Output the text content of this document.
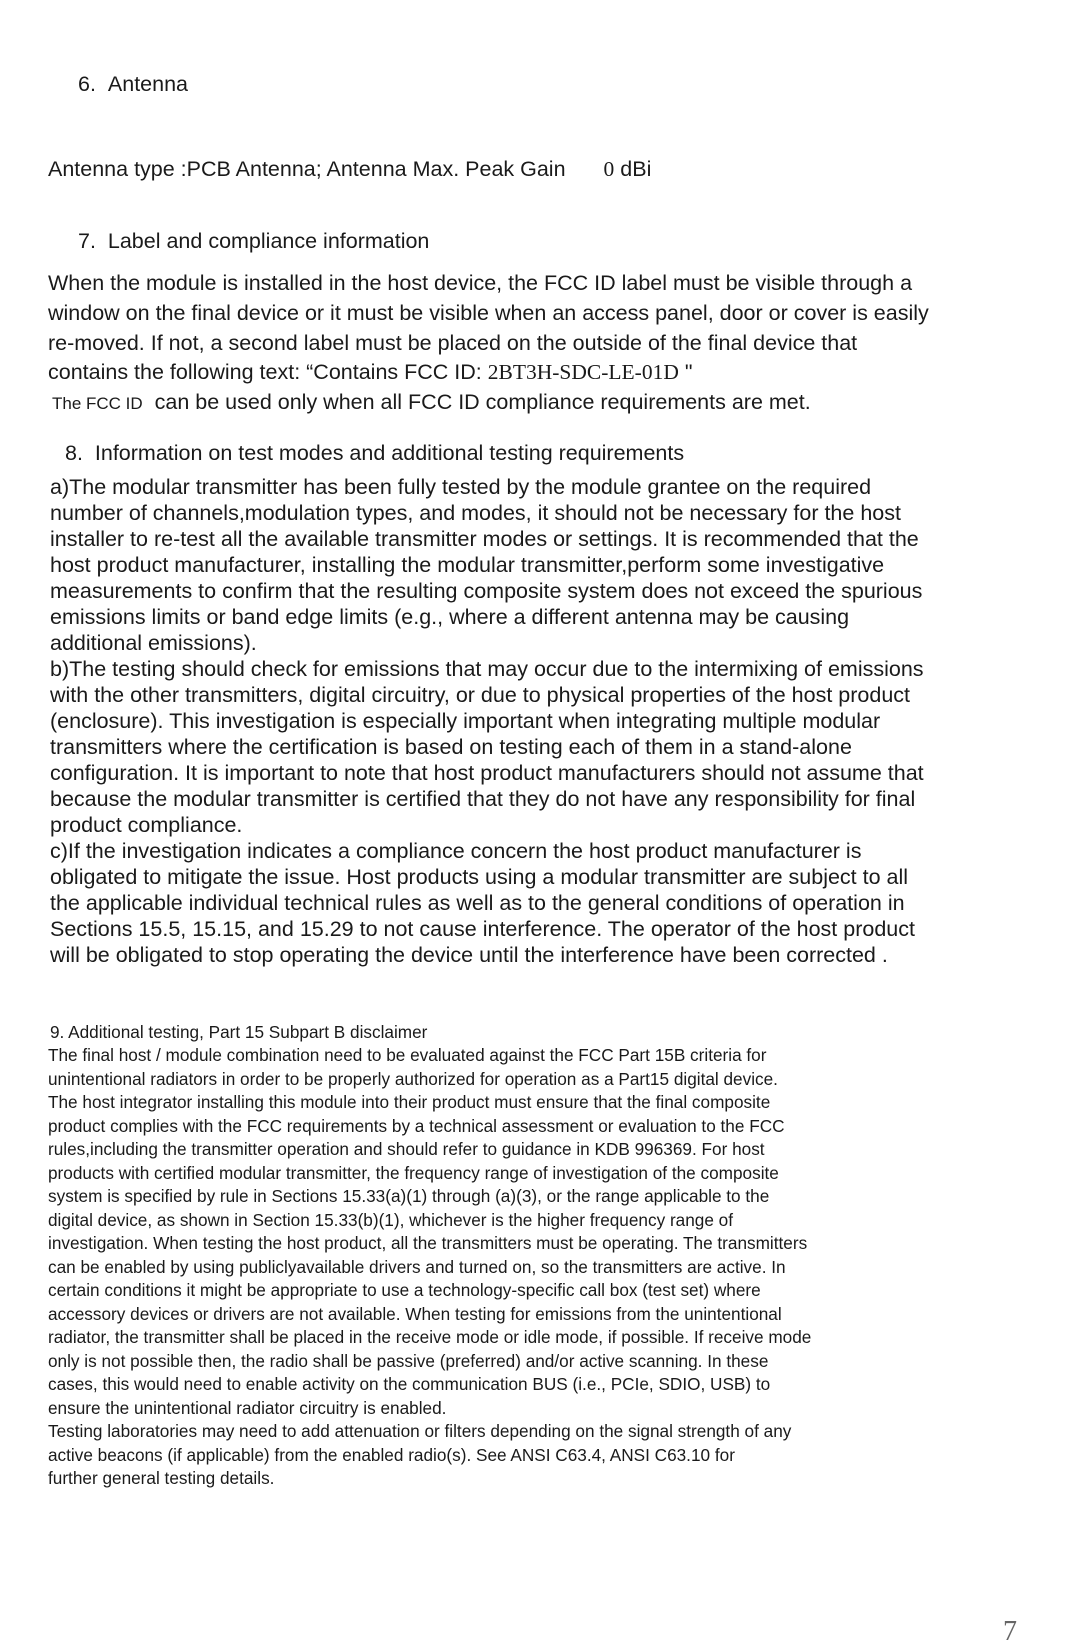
6. Antenna
Antenna type :PCB Antenna; Antenna Max. Peak Gain 0 dBi
7. Label and compliance information
When the module is installed in the host device, the FCC ID label must be visible through a
window on the final device or it must be visible when an access panel, door or cover is easily
re-moved. If not, a second label must be placed on the outside of the final device that
contains the following text: “Contains FCC ID: 2BT3H-SDC-LE-01D "
The FCC ID can be used only when all FCC ID compliance requirements are met.
8. Information on test modes and additional testing requirements
a)The modular transmitter has been fully tested by the module grantee on the required
number of channels,modulation types, and modes, it should not be necessary for the host
installer to re-test all the available transmitter modes or settings. It is recommended that the
host product manufacturer, installing the modular transmitter,perform some investigative
measurements to confirm that the resulting composite system does not exceed the spurious
emissions limits or band edge limits (e.g., where a different antenna may be causing
additional emissions).
b)The testing should check for emissions that may occur due to the intermixing of emissions
with the other transmitters, digital circuitry, or due to physical properties of the host product
(enclosure). This investigation is especially important when integrating multiple modular
transmitters where the certification is based on testing each of them in a stand-alone
configuration. It is important to note that host product manufacturers should not assume that
because the modular transmitter is certified that they do not have any responsibility for final
product compliance.
c)If the investigation indicates a compliance concern the host product manufacturer is
obligated to mitigate the issue. Host products using a modular transmitter are subject to all
the applicable individual technical rules as well as to the general conditions of operation in
Sections 15.5, 15.15, and 15.29 to not cause interference. The operator of the host product
will be obligated to stop operating the device until the interference have been corrected .
9. Additional testing, Part 15 Subpart B disclaimer
The final host / module combination need to be evaluated against the FCC Part 15B criteria for
unintentional radiators in order to be properly authorized for operation as a Part15 digital device.
The host integrator installing this module into their product must ensure that the final composite
product complies with the FCC requirements by a technical assessment or evaluation to the FCC
rules,including the transmitter operation and should refer to guidance in KDB 996369. For host
products with certified modular transmitter, the frequency range of investigation of the composite
system is specified by rule in Sections 15.33(a)(1) through (a)(3), or the range applicable to the
digital device, as shown in Section 15.33(b)(1), whichever is the higher frequency range of
investigation. When testing the host product, all the transmitters must be operating. The transmitters
can be enabled by using publiclyavailable drivers and turned on, so the transmitters are active. In
certain conditions it might be appropriate to use a technology-specific call box (test set) where
accessory devices or drivers are not available. When testing for emissions from the unintentional
radiator, the transmitter shall be placed in the receive mode or idle mode, if possible. If receive mode
only is not possible then, the radio shall be passive (preferred) and/or active scanning. In these
cases, this would need to enable activity on the communication BUS (i.e., PCIe, SDIO, USB) to
ensure the unintentional radiator circuitry is enabled.
Testing laboratories may need to add attenuation or filters depending on the signal strength of any
active beacons (if applicable) from the enabled radio(s). See ANSI C63.4, ANSI C63.10 for
further general testing details.
7
